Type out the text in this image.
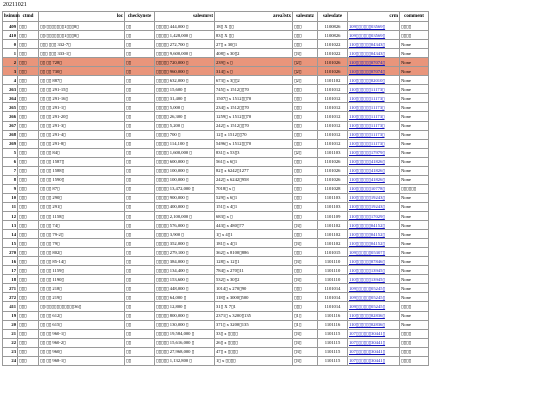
20211021
hsinum	ctmd	loc	checkynste	salesmrst	area3stx	salesmtz	salesdate	crm	comment
409	▯▯▯	▯▯/▯▯▯▯▯▯▯1▯▯▯8▯	▯▯	▯▯▯▯▯ 444,000 ▯	18▯ X ▯▯	▯▯▯	1100826	109▯▯▯▯▯▯03569▯	▯▯▯▯
410	▯▯▯	▯▯/▯▯▯▯▯▯▯1▯▯▯8▯	▯▯	▯▯▯▯▯ 1,428,000 ▯	83▯ X ▯▯	▯▯▯	1100826	109▯▯▯▯▯▯03569▯	▯▯▯▯
0	▯▯▯	▯▯▯ ▯▯▯ 332-7▯	▯▯	▯▯▯▯▯ 272,700 ▯	27▯ x 30▯1	▯▯▯	1101022	110▯▯▯▯▯▯04343▯	None
1	▯▯▯	▯▯▯ ▯▯▯ 333-1▯	▯▯	▯▯▯▯▯ 9,600,000 ▯	408▯ x 30▯2	▯3▯	1101022	110▯▯▯▯▯▯04343▯	None
2	▯▯▯	▯▯ ▯▯ 728▯	▯▯	▯▯▯▯▯ 720,000 ▯	239▯ x ▯	▯2▯	1101026	110▯▯▯▯▯▯07074▯	None
3	▯▯▯	▯▯ ▯▯ 730▯	▯▯	▯▯▯▯▯ 960,000 ▯	314▯ x ▯	▯2▯	1101026	110▯▯▯▯▯▯07074▯	None
4	▯▯▯	▯▯ ▯▯ 887▯	▯▯	▯▯▯▯▯ 632,000 ▯	673▯ x 3▯▯2	▯2▯	1101102	110▯▯▯▯▯▯02010▯	None
263	▯▯▯	▯▯ ▯▯ 291-15▯	▯▯	▯▯▯▯▯ 15,600 ▯	745▯ x 1512▯▯70	▯▯▯	1101012	110▯▯▯▯▯▯11173▯	None
264	▯▯▯	▯▯ ▯▯ 291-16▯	▯▯	▯▯▯▯▯ 31,400 ▯	1507▯ x 1512▯▯70	▯▯▯	1101012	110▯▯▯▯▯▯11173▯	None
265	▯▯▯	▯▯ ▯▯ 291-1▯	▯▯	▯▯▯▯▯ 5,000 ▯	234▯ x 1512▯▯70	▯▯▯	1101012	110▯▯▯▯▯▯11173▯	None
266	▯▯▯	▯▯ ▯▯ 291-20▯	▯▯	▯▯▯▯▯ 26,300 ▯	1259▯ x 1512▯▯70	▯▯▯	1101012	110▯▯▯▯▯▯11173▯	None
267	▯▯▯	▯▯ ▯▯ 291-3▯	▯▯	▯▯▯▯▯ 5,200 ▯	242▯ x 1512▯▯70	▯▯▯	1101012	110▯▯▯▯▯▯11173▯	None
268	▯▯▯	▯▯ ▯▯ 291-4▯	▯▯	▯▯▯▯▯ 700 ▯	12▯ x 1512▯▯70	▯▯▯	1101012	110▯▯▯▯▯▯11173▯	None
269	▯▯▯	▯▯ ▯▯ 291-8▯	▯▯	▯▯▯▯▯ 114,100 ▯	5496▯ x 1512▯▯70	▯▯▯	1101012	110▯▯▯▯▯▯11173▯	None
5	▯▯▯	▯▯ ▯▯ 84▯	▯▯	▯▯▯▯▯ 1,600,000 ▯	831▯ x 53▯3	▯2▯	1101103	110▯▯▯▯▯▯17979▯	None
6	▯▯▯	▯▯ ▯▯ 1587▯	▯▯	▯▯▯▯▯ 600,000 ▯	561▯ x 6▯1	▯▯▯	1101026	110▯▯▯▯▯▯41826▯	None
7	▯▯▯	▯▯ ▯▯ 1588▯	▯▯	▯▯▯▯▯ 100,000 ▯	82▯ x 6242▯1277	▯▯▯	1101026	110▯▯▯▯▯▯41826▯	None
8	▯▯▯	▯▯ ▯▯ 1590▯	▯▯	▯▯▯▯▯ 100,000 ▯	242▯ x 6242▯958	▯▯▯	1101026	110▯▯▯▯▯▯41826▯	None
9	▯▯▯	▯▯ ▯▯ 87▯	▯▯	▯▯▯▯▯ 13,472,000 ▯	7018▯ x ▯	▯▯▯	1101028	110▯▯▯▯▯▯10778▯	▯▯▯▯▯▯
10	▯▯▯	▯▯ ▯▯ 290▯	▯▯	▯▯▯▯▯ 900,000 ▯	529▯ x 6▯1	▯▯▯	1101103	110▯▯▯▯▯▯19243▯	None
11	▯▯▯	▯▯ ▯▯ 291▯	▯▯	▯▯▯▯▯ 400,000 ▯	151▯ x 4▯1	▯▯▯	1101103	110▯▯▯▯▯▯19243▯	None
12	▯▯▯	▯▯ ▯▯ 1158▯	▯▯	▯▯▯▯▯ 2,100,000 ▯	683▯ x ▯	▯▯▯	1101109	110▯▯▯▯▯▯17029▯	None
13	▯▯▯	▯▯ ▯▯ 74▯	▯▯	▯▯▯▯▯ 576,000 ▯	443▯ x 480▯77	▯3▯	1101102	110▯▯▯▯▯▯04152▯	None
14	▯▯▯	▯▯ ▯▯ 79-2▯	▯▯	▯▯▯▯▯ 3,900 ▯	1▯ x 4▯1	▯▯▯	1101102	110▯▯▯▯▯▯04152▯	None
15	▯▯▯	▯▯ ▯▯ 79▯	▯▯	▯▯▯▯▯ 352,000 ▯	181▯ x 4▯1	▯3▯	1101102	110▯▯▯▯▯▯04152▯	None
270	▯▯▯	▯▯ ▯▯ 802▯	▯▯	▯▯▯▯▯ 279,100 ▯	362▯ x 8100▯886	▯▯▯	1101015	109▯▯▯▯▯▯05307▯	None
16	▯▯▯	▯▯ ▯▯ 85-14▯	▯▯	▯▯▯▯▯ 384,000 ▯	128▯ x 12▯1	▯3▯	1101110	110▯▯▯▯▯▯07846▯	None
17	▯▯▯	▯▯ ▯▯ 1159▯	▯▯	▯▯▯▯▯ 134,400 ▯	784▯ x 270▯11	▯▯▯	1101110	110▯▯▯▯▯▯13945▯	None
18	▯▯▯	▯▯ ▯▯ 1190▯	▯▯	▯▯▯▯▯ 153,600 ▯	532▯ x 30▯2	▯3▯	1101110	110▯▯▯▯▯▯13945▯	None
271	▯▯▯	▯▯ ▯▯ 218▯	▯▯	▯▯▯▯▯ 448,000 ▯	1014▯ x 270▯90	▯▯▯	1101014	109▯▯▯▯▯▯05245▯	None
272	▯▯▯	▯▯ ▯▯ 219▯	▯▯	▯▯▯▯▯ 64,000 ▯	118▯ x 3000▯500	▯▯▯	1101014	109▯▯▯▯▯▯05245▯	None
411	▯▯▯	▯▯/▯▯▯▯▯▯▯▯▯▯▯36▯	▯▯	▯▯▯▯▯ 12,800 ▯	31▯ X 7▯1	▯▯▯	1101014	109▯▯▯▯▯▯05245▯	▯▯▯▯
19	▯▯▯	▯▯ ▯▯ 612▯	▯▯	▯▯▯▯▯ 800,000 ▯	2371▯ x 3200▯135	▯1▯	1101116	110▯▯▯▯▯▯02836▯	None
20	▯▯▯	▯▯ ▯▯ 615▯	▯▯	▯▯▯▯▯ 130,000 ▯	371▯ x 3200▯135	▯1▯	1101116	110▯▯▯▯▯▯02836▯	None
21	▯▯▯	▯▯ ▯▯ 960-1▯	▯▯	▯▯▯▯▯ 19,584,000 ▯	33▯ x ▯▯▯▯	▯3▯	1101115	107▯▯▯▯▯▯30441▯	▯▯▯▯
22	▯▯▯	▯▯ ▯▯ 960-2▯	▯▯	▯▯▯▯▯ 15,616,000 ▯	26▯ x ▯▯▯▯	▯3▯	1101115	107▯▯▯▯▯▯30441▯	▯▯▯▯
23	▯▯▯	▯▯ ▯▯ 960▯	▯▯	▯▯▯▯▯ 27,968,000 ▯	47▯ x ▯▯▯▯	▯3▯	1101115	107▯▯▯▯▯▯30441▯	▯▯▯▯
24	▯▯▯	▯▯ ▯▯ 968-1▯	▯▯	▯▯▯▯▯ 1,132,800 ▯	1▯ x ▯▯▯▯	▯3▯	1101115	107▯▯▯▯▯▯30441▯	▯▯▯▯
